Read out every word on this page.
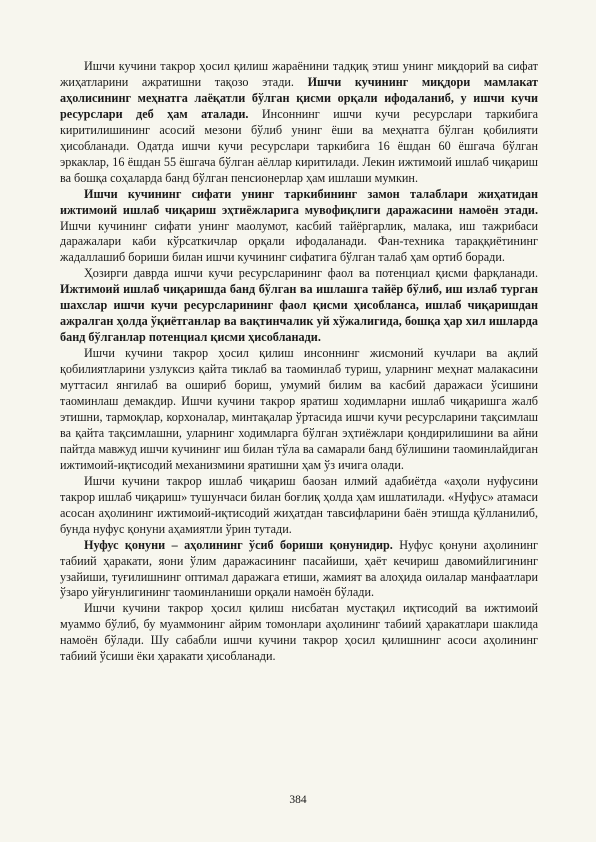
Ишчи кучини такрор ҳосил қилиш жараёнини тадқиқ этиш унинг миқдорий ва сифат жиҳатларини ажратишни тақозо этади. Ишчи кучининг миқдори мамлакат аҳолисининг меҳнатга лаёқатли бўлган қисми орқали ифодаланиб, у ишчи кучи ресурслари деб ҳам аталади. Инсоннинг ишчи кучи ресурслари таркибига киритилишининг асосий мезони бўлиб унинг ёши ва меҳнатга бўлган қобилияти ҳисобланади. Одатда ишчи кучи ресурслари таркибига 16 ёшдан 60 ёшгача бўлган эркаклар, 16 ёшдан 55 ёшгача бўлган аёллар киритилади. Лекин ижтимоий ишлаб чиқариш ва бошқа соҳаларда банд бўлган пенсионерлар ҳам ишлаши мумкин.

Ишчи кучининг сифати унинг таркибининг замон талаблари жиҳатидан ижтимоий ишлаб чиқариш эҳтиёжларига мувофиқлиги даражасини намоён этади. Ишчи кучининг сифати унинг маолумот, касбий тайёргарлик, малака, иш тажрибаси даражалари каби кўрсаткичлар орқали ифодаланади. Фан-техника тараққиётининг жадаллашиб бориши билан ишчи кучининг сифатига бўлган талаб ҳам ортиб боради.

Ҳозирги даврда ишчи кучи ресурсларининг фаол ва потенциал қисми фарқланади. Ижтимоий ишлаб чиқаришда банд бўлган ва ишлашга тайёр бўлиб, иш излаб турган шахслар ишчи кучи ресурсларининг фаол қисми ҳисобланса, ишлаб чиқаришдан ажралган ҳолда ўқиётганлар ва вақтинчалик уй хўжалигида, бошқа ҳар хил ишларда банд бўлганлар потенциал қисми ҳисобланади.

Ишчи кучини такрор ҳосил қилиш инсоннинг жисмоний кучлари ва ақлий қобилиятларини узлуксиз қайта тиклаб ва таоминлаб туриш, уларнинг меҳнат малакасини муттасил янгилаб ва ошириб бориш, умумий билим ва касбий даражаси ўсишини таоминлаш демакдир. Ишчи кучини такрор яратиш ходимларни ишлаб чиқаришга жалб этишни, тармоқлар, корхоналар, минтақалар ўртасида ишчи кучи ресурсларини тақсимлаш ва қайта тақсимлашни, уларнинг ходимларга бўлган эҳтиёжлари қондирилишини ва айни пайтда мавжуд ишчи кучининг иш билан тўла ва самарали банд бўлишини таоминлайдиган ижтимоий-иқтисодий механизмини яратишни ҳам ўз ичига олади.

Ишчи кучини такрор ишлаб чиқариш баозан илмий адабиётда «аҳоли нуфусини такрор ишлаб чиқариш» тушунчаси билан боғлиқ ҳолда ҳам ишлатилади. «Нуфус» атамаси асосан аҳолининг ижтимоий-иқтисодий жиҳатдан тавсифларини баён этишда қўлланилиб, бунда нуфус қонуни аҳамиятли ўрин тутади.

Нуфус қонуни – аҳолининг ўсиб бориши қонунидир. Нуфус қонуни аҳолининг табиий ҳаракати, яони ўлим даражасининг пасайиши, ҳаёт кечириш давомийлигининг узайиши, туғилишнинг оптимал даражага етиши, жамият ва алоҳида оилалар манфаатлари ўзаро уйғунлигининг таоминланиши орқали намоён бўлади.

Ишчи кучини такрор ҳосил қилиш нисбатан мустақил иқтисодий ва ижтимоий муаммо бўлиб, бу муаммонинг айрим томонлари аҳолининг табиий ҳаракатлари шаклида намоён бўлади. Шу сабабли ишчи кучини такрор ҳосил қилишнинг асоси аҳолининг табиий ўсиши ёки ҳаракати ҳисобланади.

384
